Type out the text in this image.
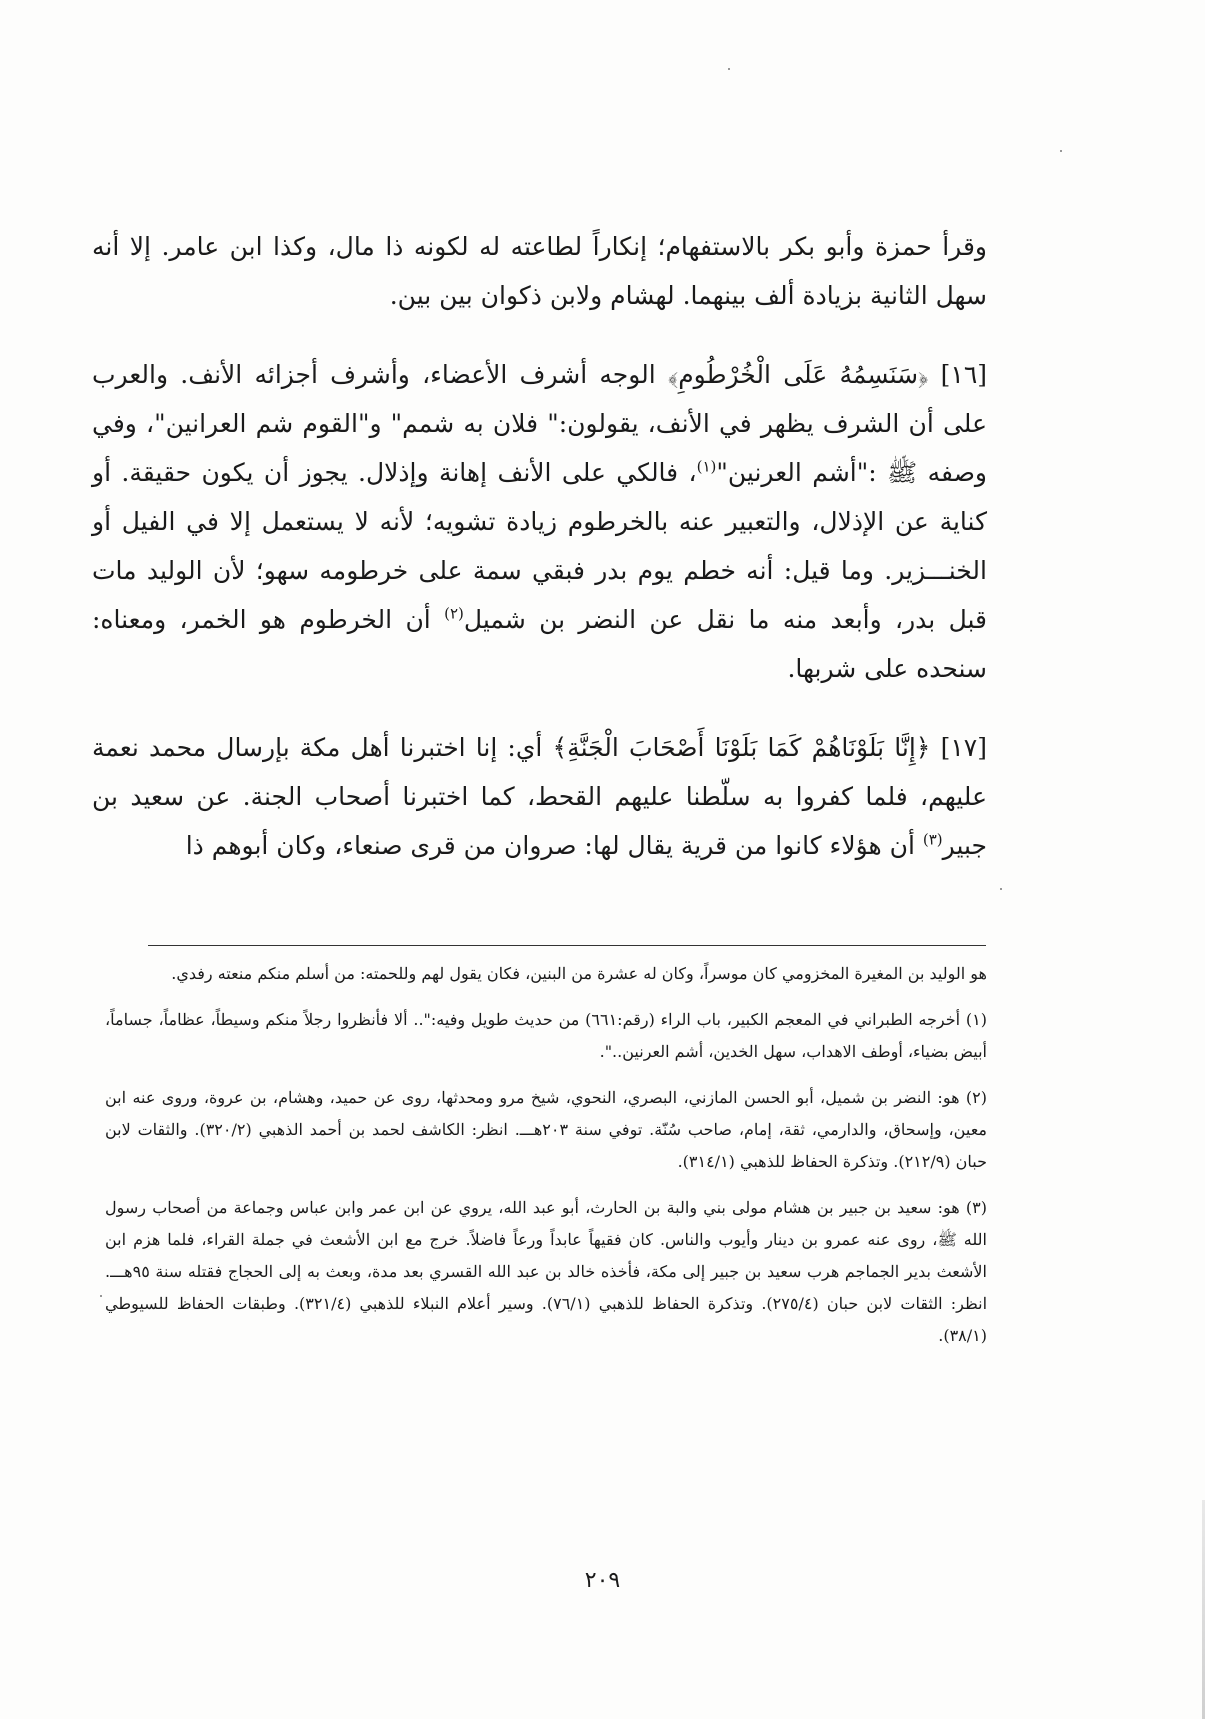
وقرأ حمزة وأبو بكر بالاستفهام؛ إنكاراً لطاعته له لكونه ذا مال، وكذا ابن عامر. إلا أنه سهل الثانية بزيادة ألف بينهما. لهشام ولابن ذكوان بين بين.

[١٦] ﴿سَنَسِمُهُ عَلَى الْخُرْطُومِ﴾ الوجه أشرف الأعضاء، وأشرف أجزائه الأنف. والعرب على أن الشرف يظهر في الأنف، يقولون:" فلان به شمم" و"القوم شم العرانين"، وفي وصفه ﷺ :"أشم العرنين"$^{(١)}$، فالكي على الأنف إهانة وإذلال. يجوز أن يكون حقيقة. أو كناية عن الإذلال، والتعبير عنه بالخرطوم زيادة تشويه؛ لأنه لا يستعمل إلا في الفيل أو الخنـــزير. وما قيل: أنه خطم يوم بدر فبقي سمة على خرطومه سهو؛ لأن الوليد مات قبل بدر، وأبعد منه ما نقل عن النضر بن شميل$^{(٢)}$ أن الخرطوم هو الخمر، ومعناه: سنحده على شربها.

[١٧] ﴿إِنَّا بَلَوْنَاهُمْ كَمَا بَلَوْنَا أَصْحَابَ الْجَنَّةِ﴾ أي: إنا اختبرنا أهل مكة بإرسال محمد نعمة عليهم، فلما كفروا به سلّطنا عليهم القحط، كما اختبرنا أصحاب الجنة. عن سعيد بن جبير$^{(٣)}$ أن هؤلاء كانوا من قرية يقال لها: صروان من قرى صنعاء، وكان أبوهم ذا

هو الوليد بن المغيرة المخزومي كان موسراً، وكان له عشرة من البنين، فكان يقول لهم وللحمته: من أسلم منكم منعته رفدي.

(١) أخرجه الطبراني في المعجم الكبير، باب الراء (رقم:٦٦١) من حديث طويل وفيه:".. ألا فأنظروا رجلاً منكم وسيطاً، عظاماً، جساماً، أبيض بضياء، أوطف الاهداب، سهل الخدين، أشم العرنين..".

(٢) هو: النضر بن شميل، أبو الحسن المازني، البصري، النحوي، شيخ مرو ومحدثها، روى عن حميد، وهشام، بن عروة، وروى عنه ابن معين، وإسحاق، والدارمي، ثقة، إمام، صاحب سُنّة. توفي سنة ٢٠٣هـــ. انظر: الكاشف لحمد بن أحمد الذهبي (٣٢٠/٢). والثقات لابن حبان (٢١٢/٩). وتذكرة الحفاظ للذهبي (٣١٤/١).

(٣) هو: سعيد بن جبير بن هشام مولى بني والبة بن الحارث، أبو عبد الله، يروي عن ابن عمر وابن عباس وجماعة من أصحاب رسول الله ﷺ، روى عنه عمرو بن دينار وأيوب والناس. كان فقيهاً عابداً ورعاً فاضلاً. خرج مع ابن الأشعث في جملة القراء، فلما هزم ابن الأشعث بدير الجماجم هرب سعيد بن جبير إلى مكة، فأخذه خالد بن عبد الله القسري بعد مدة، وبعث به إلى الحجاج فقتله سنة ٩٥هـــ. انظر: الثقات لابن حبان (٢٧٥/٤). وتذكرة الحفاظ للذهبي (٧٦/١). وسير أعلام النبلاء للذهبي (٣٢١/٤). وطبقات الحفاظ للسيوطي (٣٨/١).

٢٠٩
